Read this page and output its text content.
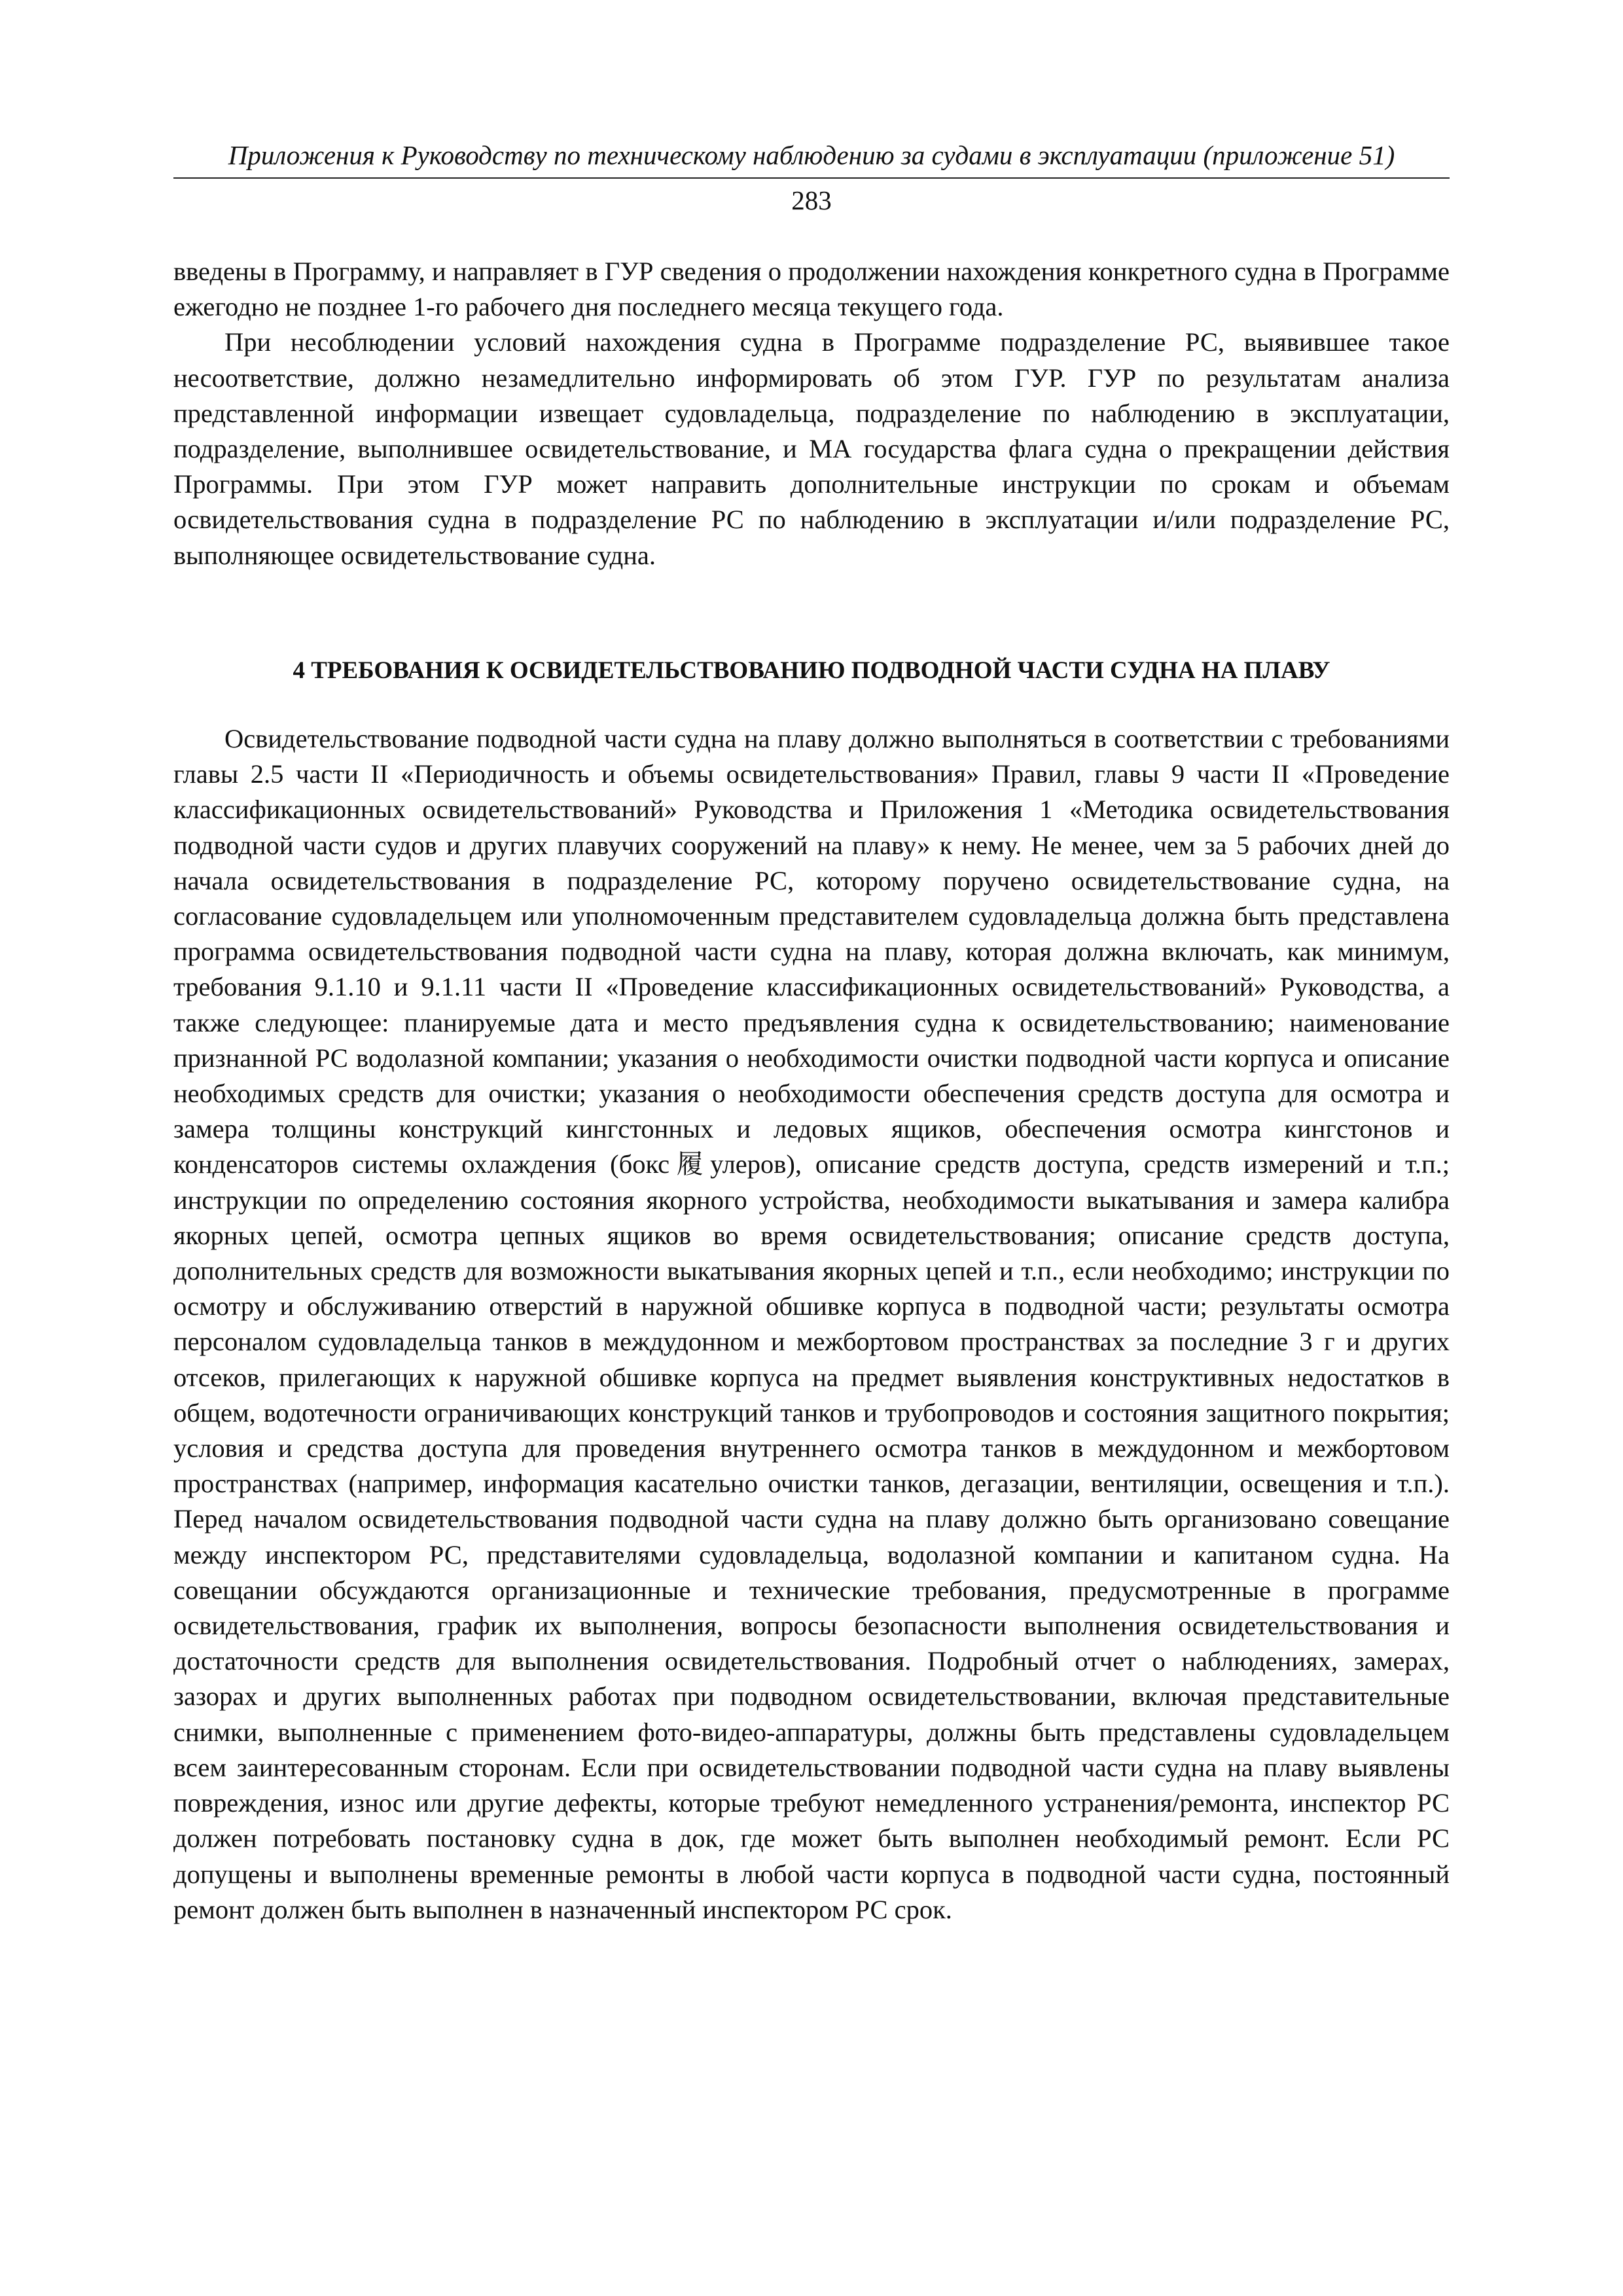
Приложения к Руководству по техническому наблюдению за судами в эксплуатации (приложение 51)
283

введены в Программу, и направляет в ГУР сведения о продолжении нахождения конкретного судна в Программе ежегодно не позднее 1-го рабочего дня последнего месяца текущего года.

При несоблюдении условий нахождения судна в Программе подразделение РС, выявившее такое несоответствие, должно незамедлительно информировать об этом ГУР. ГУР по результатам анализа представленной информации извещает судовладельца, подразделение по наблюдению в эксплуатации, подразделение, выполнившее освидетельствование, и МА государства флага судна о прекращении действия Программы. При этом ГУР может направить дополнительные инструкции по срокам и объемам освидетельствования судна в подразделение РС по наблюдению в эксплуатации и/или подразделение РС, выполняющее освидетельствование судна.

4 ТРЕБОВАНИЯ К ОСВИДЕТЕЛЬСТВОВАНИЮ ПОДВОДНОЙ ЧАСТИ СУДНА НА ПЛАВУ

Освидетельствование подводной части судна на плаву должно выполняться в соответствии с требованиями главы 2.5 части II «Периодичность и объемы освидетельствования» Правил, главы 9 части II «Проведение классификационных освидетельствований» Руководства и Приложения 1 «Методика освидетельствования подводной части судов и других плавучих сооружений на плаву» к нему. Не менее, чем за 5 рабочих дней до начала освидетельствования в подразделение РС, которому поручено освидетельствование судна, на согласование судовладельцем или уполномоченным представителем судовладельца должна быть представлена программа освидетельствования подводной части судна на плаву, которая должна включать, как минимум, требования 9.1.10 и 9.1.11 части II «Проведение классификационных освидетельствований» Руководства, а также следующее: планируемые дата и место предъявления судна к освидетельствованию; наименование признанной РС водолазной компании; указания о необходимости очистки подводной части корпуса и описание необходимых средств для очистки; указания о необходимости обеспечения средств доступа для осмотра и замера толщины конструкций кингстонных и ледовых ящиков, обеспечения осмотра кингстонов и конденсаторов системы охлаждения (бокс履улеров), описание средств доступа, средств измерений и т.п.; инструкции по определению состояния якорного устройства, необходимости выкатывания и замера калибра якорных цепей, осмотра цепных ящиков во время освидетельствования; описание средств доступа, дополнительных средств для возможности выкатывания якорных цепей и т.п., если необходимо; инструкции по осмотру и обслуживанию отверстий в наружной обшивке корпуса в подводной части; результаты осмотра персоналом судовладельца танков в междудонном и межбортовом пространствах за последние 3 г и других отсеков, прилегающих к наружной обшивке корпуса на предмет выявления конструктивных недостатков в общем, водотечности ограничивающих конструкций танков и трубопроводов и состояния защитного покрытия; условия и средства доступа для проведения внутреннего осмотра танков в междудонном и межбортовом пространствах (например, информация касательно очистки танков, дегазации, вентиляции, освещения и т.п.). Перед началом освидетельствования подводной части судна на плаву должно быть организовано совещание между инспектором РС, представителями судовладельца, водолазной компании и капитаном судна. На совещании обсуждаются организационные и технические требования, предусмотренные в программе освидетельствования, график их выполнения, вопросы безопасности выполнения освидетельствования и достаточности средств для выполнения освидетельствования. Подробный отчет о наблюдениях, замерах, зазорах и других выполненных работах при подводном освидетельствовании, включая представительные снимки, выполненные с применением фото-видео-аппаратуры, должны быть представлены судовладельцем всем заинтересованным сторонам. Если при освидетельствовании подводной части судна на плаву выявлены повреждения, износ или другие дефекты, которые требуют немедленного устранения/ремонта, инспектор РС должен потребовать постановку судна в док, где может быть выполнен необходимый ремонт. Если РС допущены и выполнены временные ремонты в любой части корпуса в подводной части судна, постоянный ремонт должен быть выполнен в назначенный инспектором РС срок.
